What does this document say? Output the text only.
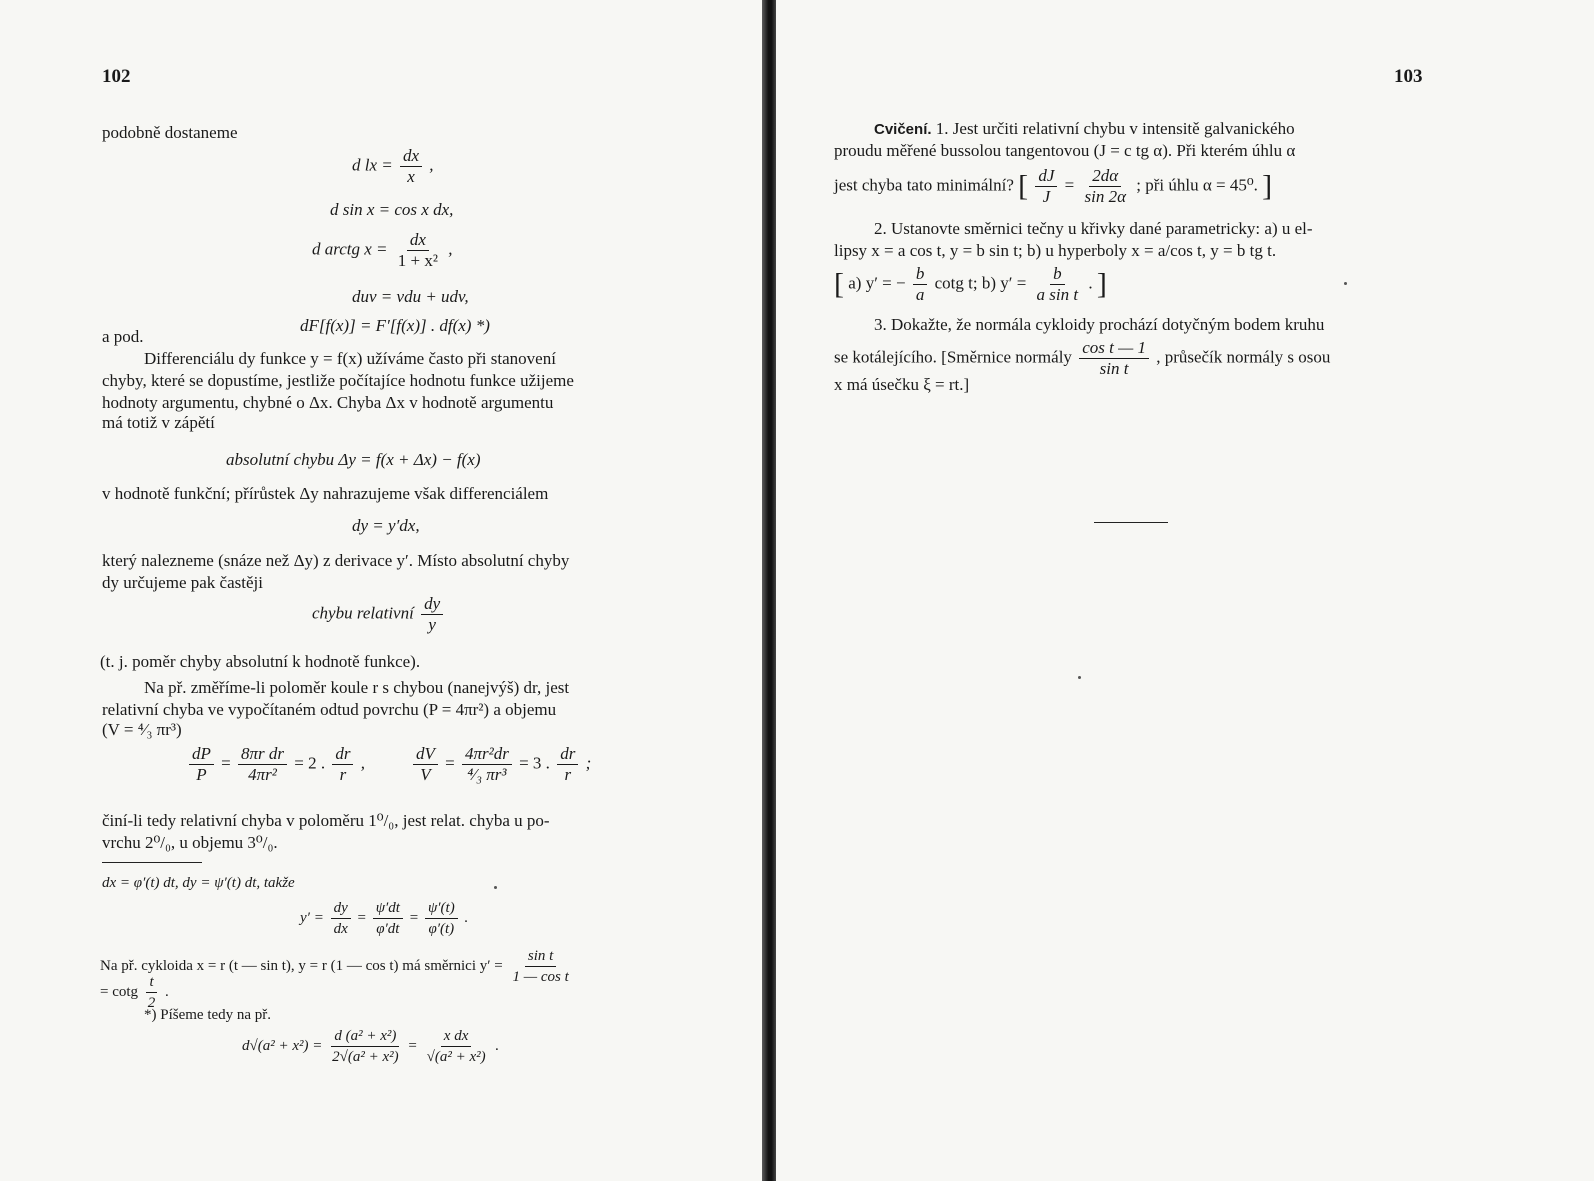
102
podobně dostaneme
d lx = $\frac{dx}{x}$ ,
d sin x = cos x dx,
d arctg $x = \frac{dx}{\text{1 + x²}}$ ,
duv = vdu + udv,
a pod.
dF[f(x)] = F′[f(x)] . df(x) *)
Differenciálu dy funkce y = f(x) užíváme často při stanovení
chyby, které se dopustíme, jestliže počítajíce hodnotu funkce užijeme
hodnoty argumentu, chybné o Δx. Chyba Δx v hodnotě argumentu
má totiž v zápětí
absolutní chybu Δy = f(x + Δx) − f(x)
v hodnotě funkční; přírůstek Δy nahrazujeme však differenciálem
dy = y′dx,
který nalezneme (snáze než Δy) z derivace y′. Místo absolutní chyby
dy určujeme pak častěji
chybu relativní $\frac{dy}{y}$
(t. j. poměr chyby absolutní k hodnotě funkce).
Na př. změříme-li poloměr koule r s chybou (nanejvýš) dr, jest
relativní chyba ve vypočítaném odtud povrchu (P = 4πr²) a objemu
(V = ⁴⁄₃ πr³)
$\frac{dP}{P} = \frac{\text{8πr dr}}{\text{4πr²}} = 2$ . $\frac{dr}{r}$ ,	$\frac{dV}{V} = \frac{\text{4πr²dr}}{\text{⁴⁄₃ πr³}} = 3$ . $\frac{dr}{r}$ ;
činí-li tedy relativní chyba v poloměru 1⁰/₀, jest relat. chyba u po-
vrchu 2⁰/₀, u objemu 3⁰/₀.
dx = φ′(t) dt, dy = ψ′(t) dt, takže
$y' = \frac{dy}{dx} = \frac{\psi'dt}{\varphi'dt} = \frac{\psi'(t)}{\varphi'(t)}$ .
Na př. cykloida x = r (t — sin t), y = r (1 — cos t) má směrnici $y' = \frac{\text{sin t}}{\text{1 — cos t}}$
= cotg $\frac{t}{2}$ .
*) Píšeme tedy na př.
$d√(a^2 + x^2) = \frac{\text{d (a² + x²)}}{\text{2√(a² + x²)}} = \frac{\text{x dx}}{\text{√(a² + x²)}}$ .
103
Cvičení. 1. Jest určiti relativní chybu v intensitě galvanického
proudu měřené bussolou tangentovou (J = c tg α). Při kterém úhlu α
jest chyba tato minimální? [ $\frac{dJ}{J} = \frac{2d\alpha}{\sin 2\alpha}$ ; při úhlu α = 45⁰. ]
2. Ustanovte směrnici tečny u křivky dané parametricky: a) u el-
lipsy x = a cos t, y = b sin t; b) u hyperboly x = a/cos t, y = b tg t.
[ a) y′ = − $\frac{b}{a}$ cotg t; b) $y' = \frac{b}{\text{a sin t}}$ . ]
3. Dokažte, že normála cykloidy prochází dotyčným bodem kruhu
se kotálejícího. [Směrnice normály $\frac{\text{cos t — 1}}{\text{sin t}}$ , průsečík normály s osou
x má úsečku ξ = rt.]
